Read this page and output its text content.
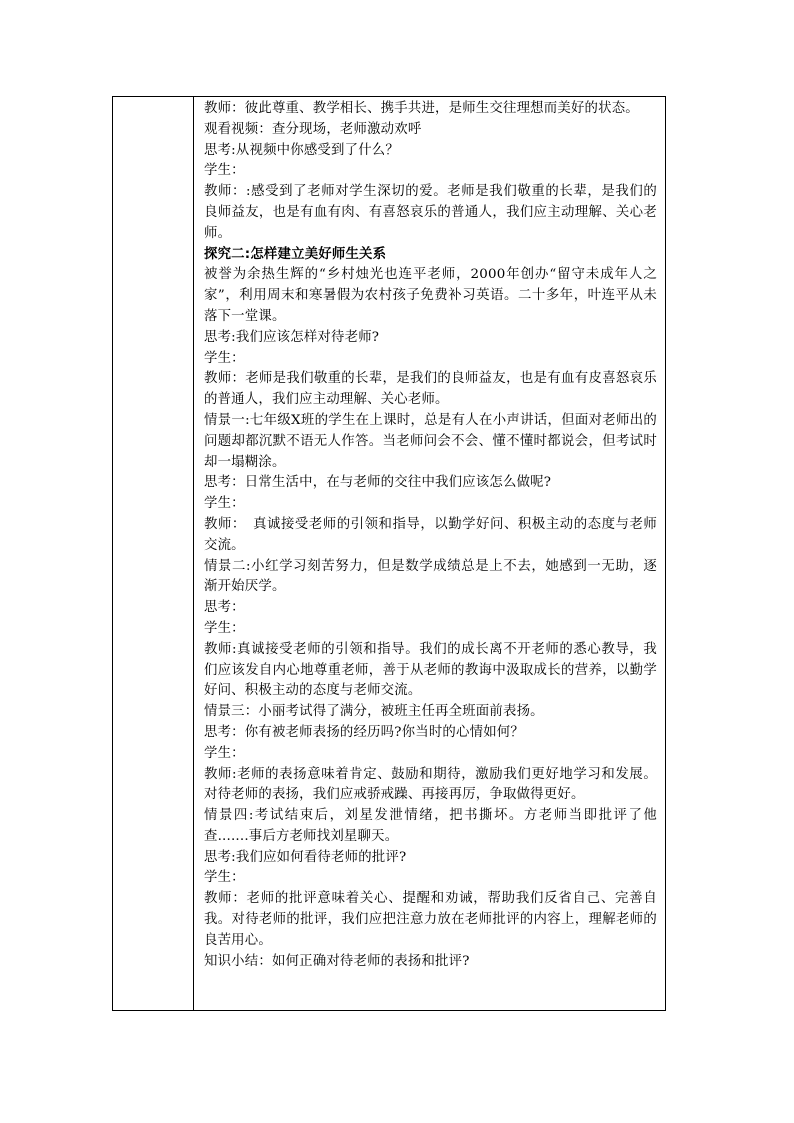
教师：彼此尊重、教学相长、携手共进，是师生交往理想而美好的状态。

观看视频：查分现场，老师激动欢呼

思考:从视频中你感受到了什么？

学生：

教师：:感受到了老师对学生深切的爱。老师是我们敬重的长辈，是我们的良师益友，也是有血有肉、有喜怒哀乐的普通人，我们应主动理解、关心老师。

探究二:怎样建立美好师生关系

被誉为余热生辉的“乡村烛光也连平老师，2000年创办“留守未成年人之家”，利用周末和寒暑假为农村孩子免费补习英语。二十多年，叶连平从未落下一堂课。

思考:我们应该怎样对待老师?

学生：

教师：老师是我们敬重的长辈，是我们的良师益友，也是有血有皮喜怒哀乐的普通人，我们应主动理解、关心老师。

情景一:七年级X班的学生在上课时，总是有人在小声讲话，但面对老师出的问题却都沉默不语无人作答。当老师问会不会、懂不懂时都说会，但考试时却一塌糊涂。

思考：日常生活中，在与老师的交往中我们应该怎么做呢?

学生：

教师：　真诚接受老师的引领和指导，以勤学好问、积极主动的态度与老师交流。

情景二:小红学习刻苦努力，但是数学成绩总是上不去，她感到一无助，逐渐开始厌学。

思考：

学生：

教师:真诚接受老师的引领和指导。我们的成长离不开老师的悉心教导，我们应该发自内心地尊重老师，善于从老师的教诲中汲取成长的营养，以勤学好问、积极主动的态度与老师交流。

情景三：小丽考试得了满分，被班主任再全班面前表扬。

思考：你有被老师表扬的经历吗?你当时的心情如何？

学生：

教师:老师的表扬意味着肯定、鼓励和期待，激励我们更好地学习和发展。对待老师的表扬，我们应戒骄戒躁、再接再厉，争取做得更好。

情景四:考试结束后，刘星发泄情绪，把书撕坏。方老师当即批评了他查.......事后方老师找刘星聊天。

思考:我们应如何看待老师的批评?

学生：

教师：老师的批评意味着关心、提醒和劝诫，帮助我们反省自己、完善自我。对待老师的批评，我们应把注意力放在老师批评的内容上，理解老师的良苦用心。

知识小结：如何正确对待老师的表扬和批评?
